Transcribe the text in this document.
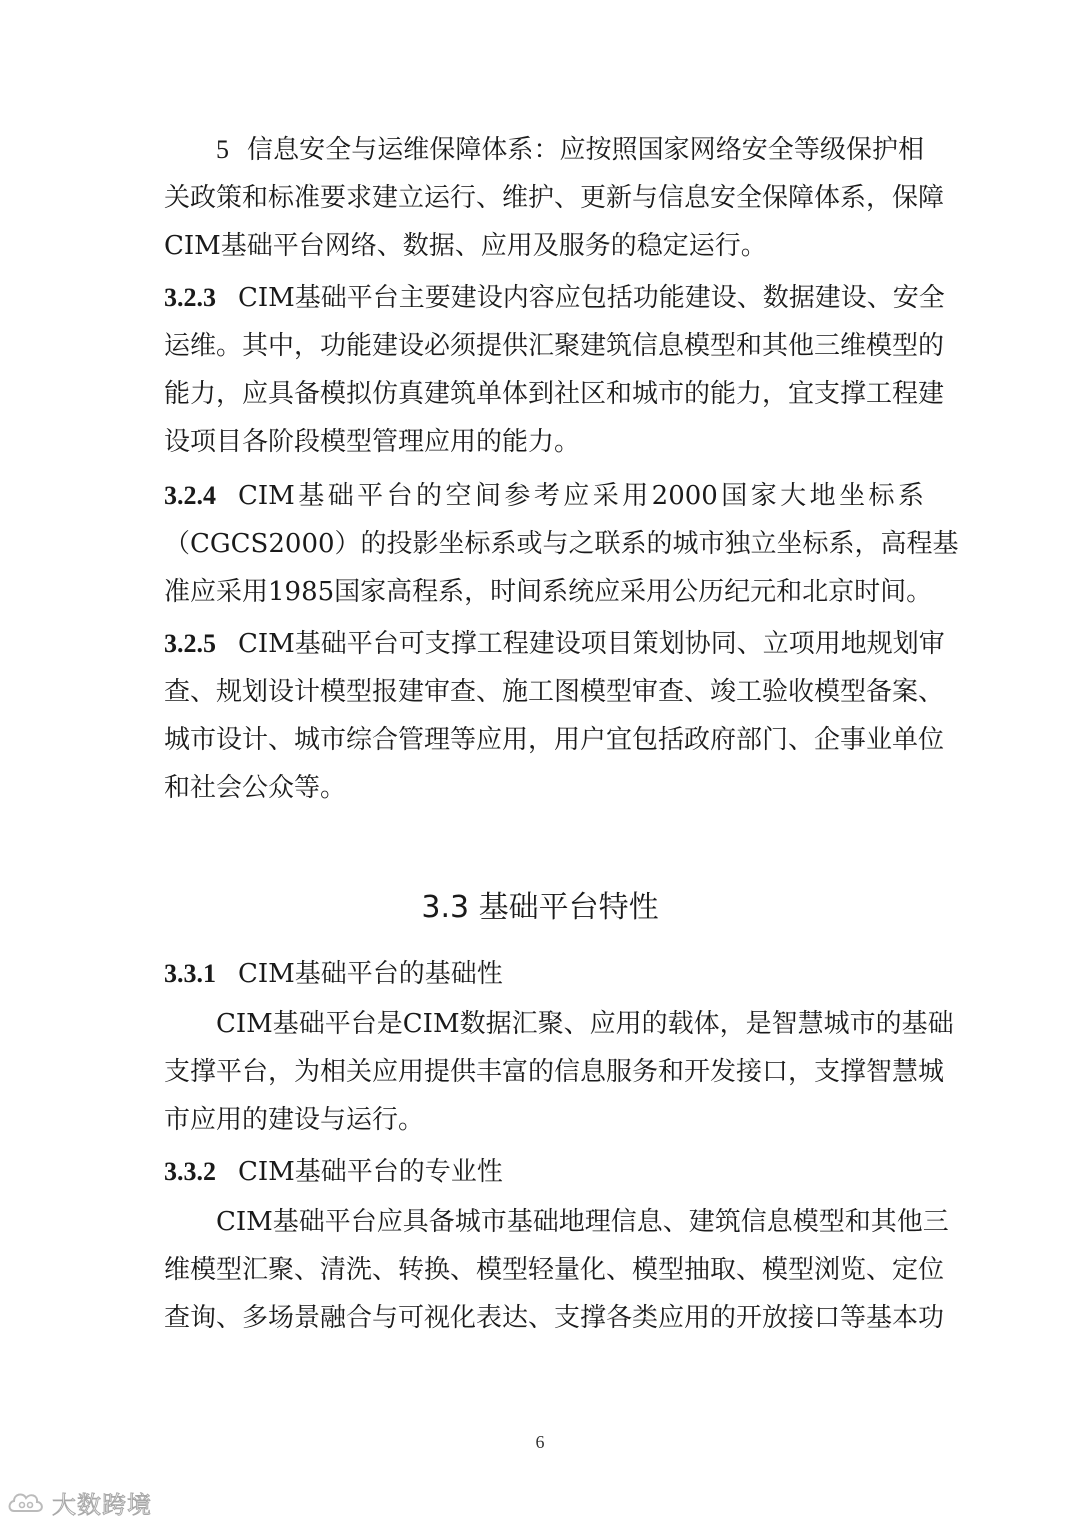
5 信息安全与运维保障体系：应按照国家网络安全等级保护相
关政策和标准要求建立运行、维护、更新与信息安全保障体系，保障
CIM基础平台网络、数据、应用及服务的稳定运行。
3.2.3 CIM基础平台主要建设内容应包括功能建设、数据建设、安全
运维。其中，功能建设必须提供汇聚建筑信息模型和其他三维模型的
能力，应具备模拟仿真建筑单体到社区和城市的能力，宜支撑工程建
设项目各阶段模型管理应用的能力。
3.2.4 CIM基础平台的空间参考应采用2000国家大地坐标系
（CGCS2000）的投影坐标系或与之联系的城市独立坐标系，高程基
准应采用1985国家高程系，时间系统应采用公历纪元和北京时间。
3.2.5 CIM基础平台可支撑工程建设项目策划协同、立项用地规划审
查、规划设计模型报建审查、施工图模型审查、竣工验收模型备案、
城市设计、城市综合管理等应用，用户宜包括政府部门、企事业单位
和社会公众等。
3.3 基础平台特性
3.3.1 CIM基础平台的基础性
CIM基础平台是CIM数据汇聚、应用的载体，是智慧城市的基础
支撑平台，为相关应用提供丰富的信息服务和开发接口，支撑智慧城
市应用的建设与运行。
3.3.2 CIM基础平台的专业性
CIM基础平台应具备城市基础地理信息、建筑信息模型和其他三
维模型汇聚、清洗、转换、模型轻量化、模型抽取、模型浏览、定位
查询、多场景融合与可视化表达、支撑各类应用的开放接口等基本功
6
大数跨境
